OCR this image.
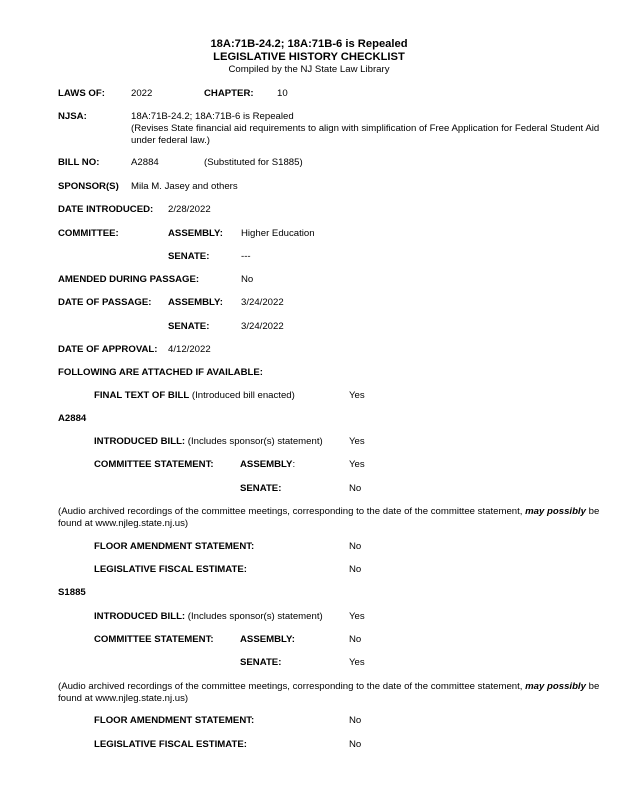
18A:71B-24.2; 18A:71B-6 is Repealed
LEGISLATIVE HISTORY CHECKLIST
Compiled by the NJ State Law Library
LAWS OF:	2022	CHAPTER: 10
NJSA:	18A:71B-24.2; 18A:71B-6 is Repealed
(Revises State financial aid requirements to align with simplification of Free Application for Federal Student Aid under federal law.)
BILL NO:	A2884	(Substituted for S1885)
SPONSOR(S) Mila M. Jasey and others
DATE INTRODUCED: 2/28/2022
COMMITTEE:	ASSEMBLY: Higher Education
SENATE:	---
AMENDED DURING PASSAGE:	No
DATE OF PASSAGE: ASSEMBLY: 3/24/2022
SENATE:	3/24/2022
DATE OF APPROVAL: 4/12/2022
FOLLOWING ARE ATTACHED IF AVAILABLE:
FINAL TEXT OF BILL (Introduced bill enacted)	Yes
A2884
INTRODUCED BILL: (Includes sponsor(s) statement)	Yes
COMMITTEE STATEMENT:	ASSEMBLY:	Yes
SENATE:	No
(Audio archived recordings of the committee meetings, corresponding to the date of the committee statement, may possibly be found at www.njleg.state.nj.us)
FLOOR AMENDMENT STATEMENT:	No
LEGISLATIVE FISCAL ESTIMATE:	No
S1885
INTRODUCED BILL: (Includes sponsor(s) statement)	Yes
COMMITTEE STATEMENT:	ASSEMBLY:	No
SENATE:	Yes
(Audio archived recordings of the committee meetings, corresponding to the date of the committee statement, may possibly be found at www.njleg.state.nj.us)
FLOOR AMENDMENT STATEMENT:	No
LEGISLATIVE FISCAL ESTIMATE:	No
